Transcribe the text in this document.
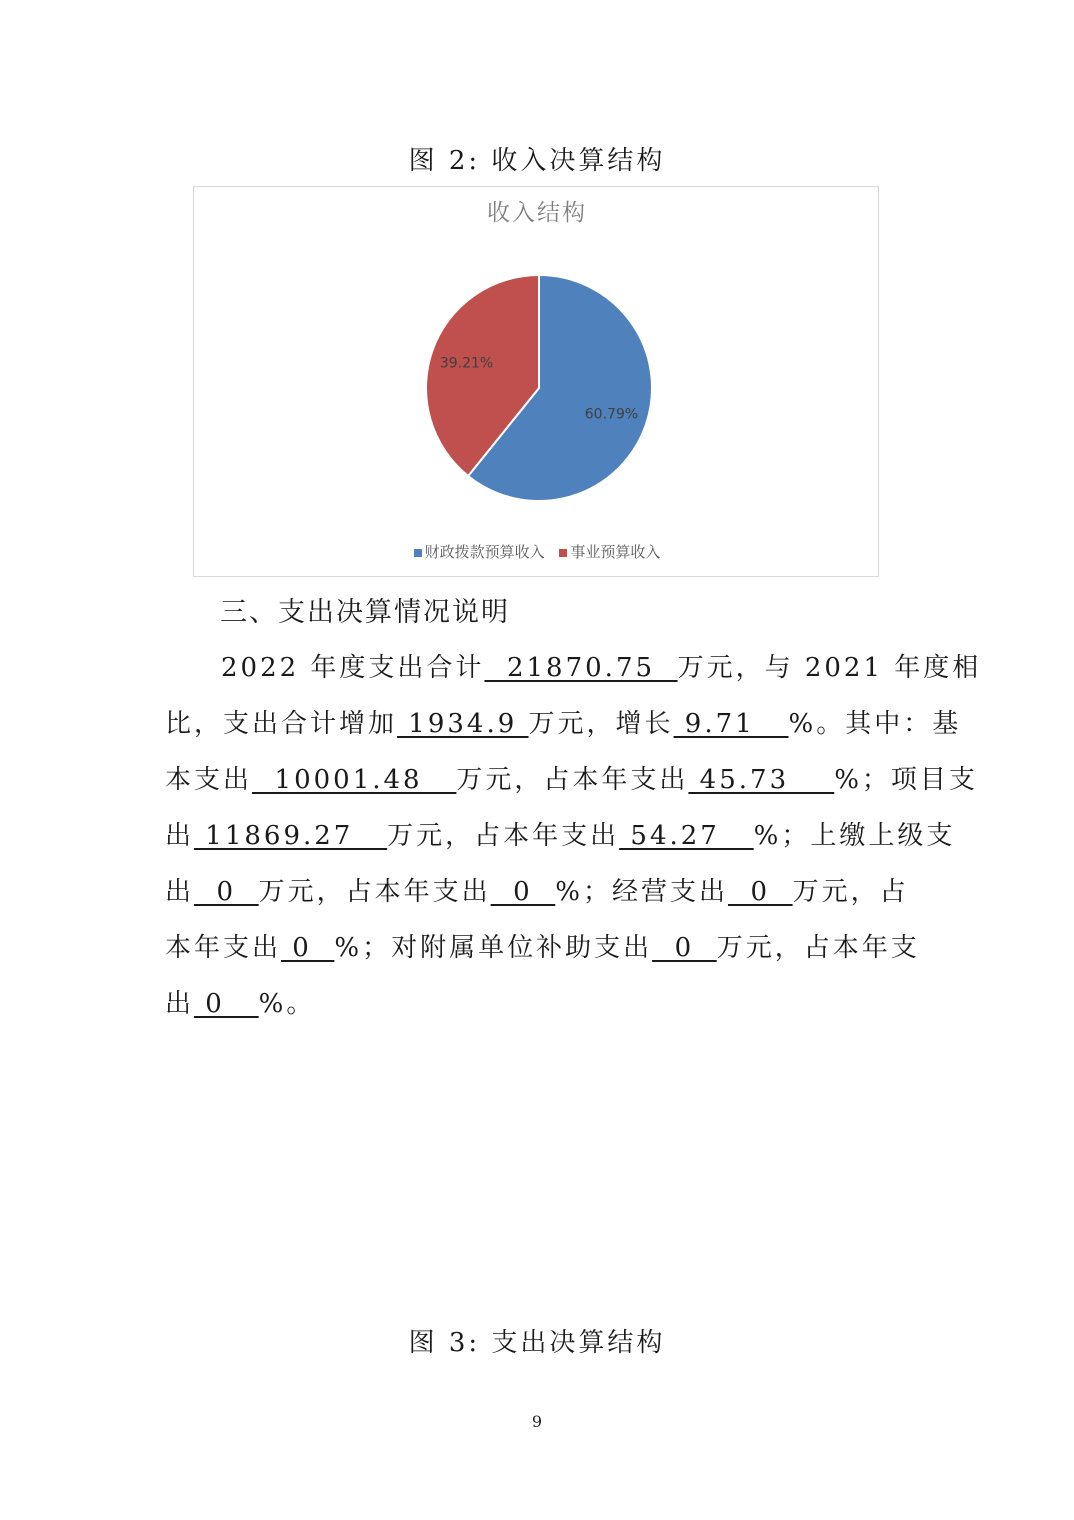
图 2: 收入决算结构
60.79%
39.21%
收入结构
财政拨款预算收入 事业预算收入
三、支出决算情况说明
2022 年度支出合计  21870.75  万元，与 2021 年度相
比，支出合计增加 1934.9 万元，增长 9.71   %。其中：基
本支出  10001.48   万元，占本年支出 45.73    %；项目支
出 11869.27   万元，占本年支出 54.27   %；上缴上级支
出  0  万元，占本年支出  0  %；经营支出  0  万元，占
本年支出 0  %；对附属单位补助支出  0  万元，占本年支
出 0   %。
图 3: 支出决算结构
9
